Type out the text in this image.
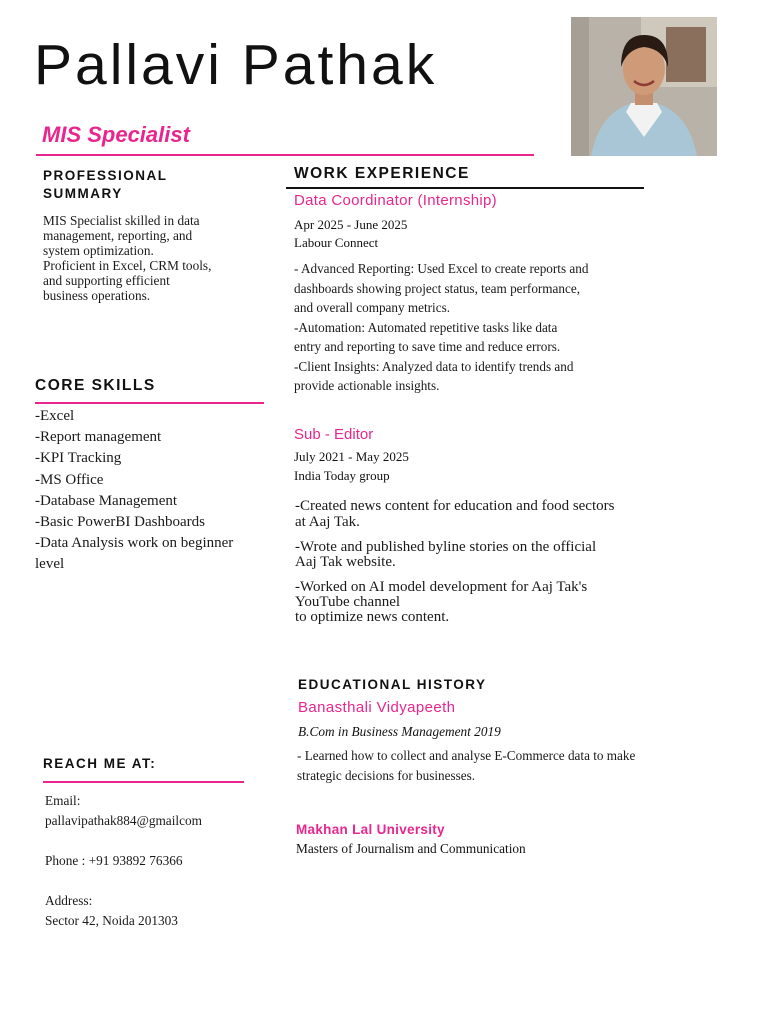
Pallavi Pathak
MIS Specialist
PROFESSIONAL
SUMMARY
MIS Specialist skilled in data
management, reporting, and
system optimization.
Proficient in Excel, CRM tools,
and supporting efficient
business operations.
CORE SKILLS
-Excel
-Report management
-KPI Tracking
-MS Office
-Database Management
-Basic PowerBI Dashboards
-Data Analysis work on beginner
level
REACH ME AT:
Email:
pallavipathak884@gmailcom
Phone : +91 93892 76366
Address:
Sector 42, Noida 201303
WORK EXPERIENCE
Data Coordinator (Internship)
Apr 2025 - June 2025
Labour Connect
- Advanced Reporting: Used Excel to create reports and
dashboards showing project status, team performance,
and overall company metrics.
-Automation: Automated repetitive tasks like data
entry and reporting to save time and reduce errors.
-Client Insights: Analyzed data to identify trends and
provide actionable insights.
Sub - Editor
July 2021 - May 2025
India Today group
-Created news content for education and food sectors
at Aaj Tak.
-Wrote and published byline stories on the official
Aaj Tak website.
-Worked on AI model development for Aaj Tak's
YouTube channel
to optimize news content.
EDUCATIONAL HISTORY
Banasthali Vidyapeeth
B.Com in Business Management 2019
- Learned how to collect and analyse E-Commerce data to make
strategic decisions for businesses.
Makhan Lal University
Masters of Journalism and Communication
